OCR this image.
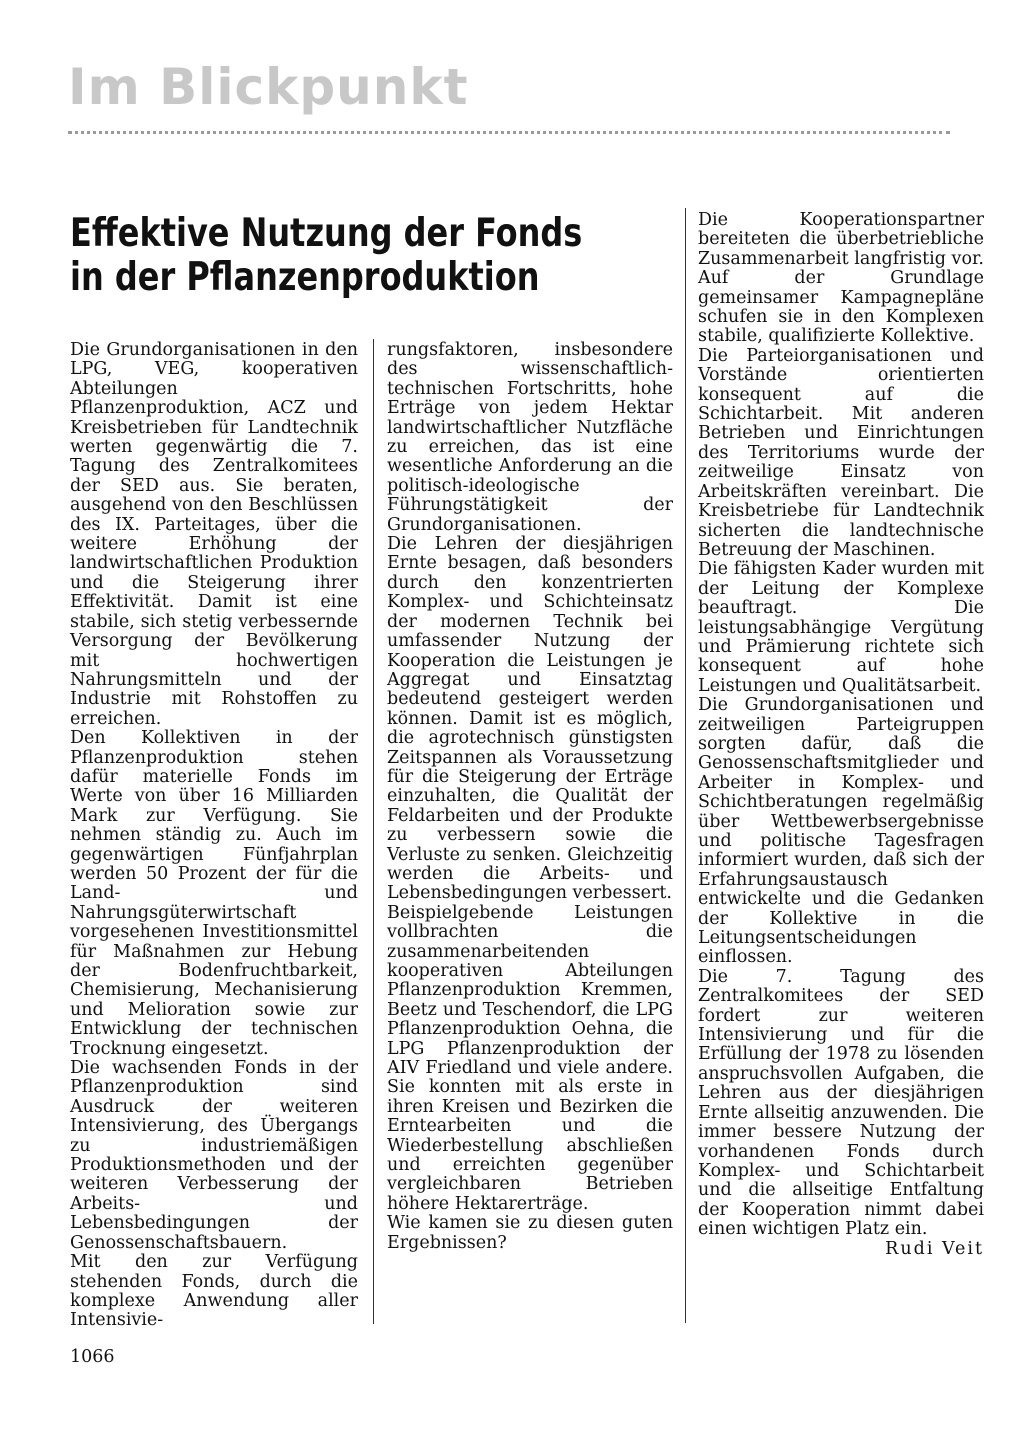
Im Blickpunkt
Effektive Nutzung der Fonds
in der Pflanzenproduktion

Die Grundorganisationen in den LPG, VEG, kooperativen Abteilungen Pflanzenproduktion, ACZ und Kreisbetrieben für Landtechnik werten gegenwärtig die 7. Tagung des Zentralkomitees der SED aus. Sie beraten, ausgehend von den Beschlüssen des IX. Parteitages, über die weitere Erhöhung der landwirtschaftlichen Produktion und die Steigerung ihrer Effektivität. Damit ist eine stabile, sich stetig verbessernde Versorgung der Bevölkerung mit hochwertigen Nahrungsmitteln und der Industrie mit Rohstoffen zu erreichen.

Den Kollektiven in der Pflanzenproduktion stehen dafür materielle Fonds im Werte von über 16 Milliarden Mark zur Verfügung. Sie nehmen ständig zu. Auch im gegenwärtigen Fünfjahrplan werden 50 Prozent der für die Land- und Nahrungsgüterwirtschaft vorgesehenen Investitionsmittel für Maßnahmen zur Hebung der Bodenfruchtbarkeit, Chemisierung, Mechanisierung und Melioration sowie zur Entwicklung der technischen Trocknung eingesetzt.

Die wachsenden Fonds in der Pflanzenproduktion sind Ausdruck der weiteren Intensivierung, des Übergangs zu industriemäßigen Produktionsmethoden und der weiteren Verbesserung der Arbeits- und Lebensbedingungen der Genossenschaftsbauern.

Mit den zur Verfügung stehenden Fonds, durch die komplexe Anwendung aller Intensivie-

rungsfaktoren, insbesondere des wissenschaftlich-technischen Fortschritts, hohe Erträge von jedem Hektar landwirtschaftlicher Nutzfläche zu erreichen, das ist eine wesentliche Anforderung an die politisch-ideologische Führungstätigkeit der Grundorganisationen.

Die Lehren der diesjährigen Ernte besagen, daß besonders durch den konzentrierten Komplex- und Schichteinsatz der modernen Technik bei umfassender Nutzung der Kooperation die Leistungen je Aggregat und Einsatztag bedeutend gesteigert werden können. Damit ist es möglich, die agrotechnisch günstigsten Zeitspannen als Voraussetzung für die Steigerung der Erträge einzuhalten, die Qualität der Feldarbeiten und der Produkte zu verbessern sowie die Verluste zu senken. Gleichzeitig werden die Arbeits- und Lebensbedingungen verbessert.

Beispielgebende Leistungen vollbrachten die zusammenarbeitenden kooperativen Abteilungen Pflanzenproduktion Kremmen, Beetz und Teschendorf, die LPG Pflanzenproduktion Oehna, die LPG Pflanzenproduktion der AIV Friedland und viele andere. Sie konnten mit als erste in ihren Kreisen und Bezirken die Erntearbeiten und die Wiederbestellung abschließen und erreichten gegenüber vergleichbaren Betrieben höhere Hektarerträge.

Wie kamen sie zu diesen guten Ergebnissen?

Die Kooperationspartner bereiteten die überbetriebliche Zusammenarbeit langfristig vor. Auf der Grundlage gemeinsamer Kampagnepläne schufen sie in den Komplexen stabile, qualifizierte Kollektive.

Die Parteiorganisationen und Vorstände orientierten konsequent auf die Schichtarbeit. Mit anderen Betrieben und Einrichtungen des Territoriums wurde der zeitweilige Einsatz von Arbeitskräften vereinbart. Die Kreisbetriebe für Landtechnik sicherten die landtechnische Betreuung der Maschinen.

Die fähigsten Kader wurden mit der Leitung der Komplexe beauftragt. Die leistungsabhängige Vergütung und Prämierung richtete sich konsequent auf hohe Leistungen und Qualitätsarbeit.

Die Grundorganisationen und zeitweiligen Parteigruppen sorgten dafür, daß die Genossenschaftsmitglieder und Arbeiter in Komplex- und Schichtberatungen regelmäßig über Wettbewerbsergebnisse und politische Tagesfragen informiert wurden, daß sich der Erfahrungsaustausch entwickelte und die Gedanken der Kollektive in die Leitungsentscheidungen einflossen.

Die 7. Tagung des Zentralkomitees der SED fordert zur weiteren Intensivierung und für die Erfüllung der 1978 zu lösenden anspruchsvollen Aufgaben, die Lehren aus der diesjährigen Ernte allseitig anzuwenden. Die immer bessere Nutzung der vorhandenen Fonds durch Komplex- und Schichtarbeit und die allseitige Entfaltung der Kooperation nimmt dabei einen wichtigen Platz ein.

Rudi Veit

1066
